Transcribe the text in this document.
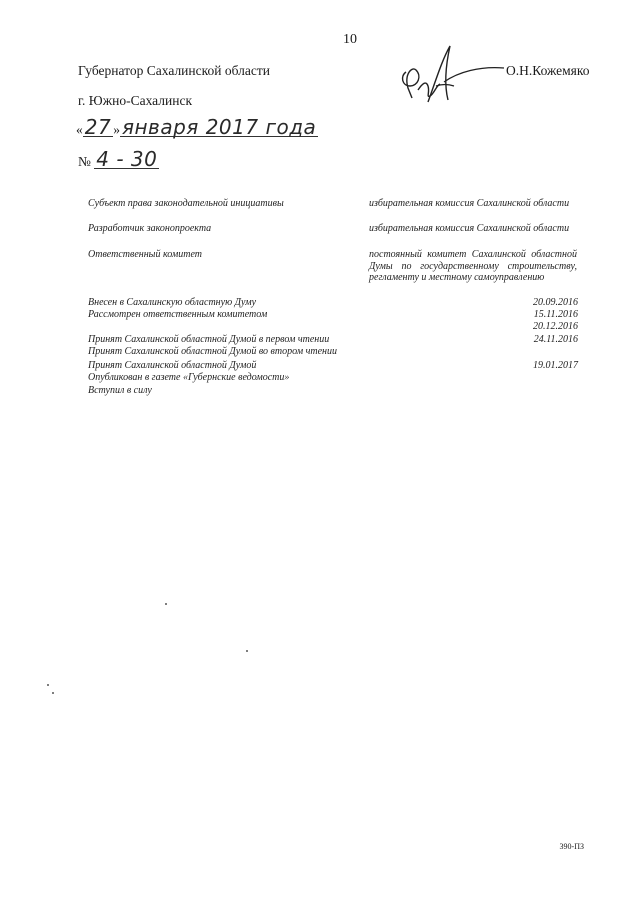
10
Губернатор Сахалинской области	О.Н.Кожемяко
г. Южно-Сахалинск
« 27 » января 2017 года
№ 4 - 30
Субъект права законодательной инициативы	избирательная комиссия Сахалинской области
Разработчик законопроекта	избирательная комиссия Сахалинской области
Ответственный комитет	постоянный комитет Сахалинской областной Думы по государственному строительству, регламенту и местному самоуправлению
Внесен в Сахалинскую областную Думу	20.09.2016
Рассмотрен ответственным комитетом	15.11.2016
20.12.2016
Принят Сахалинской областной Думой в первом чтении	24.11.2016
Принят Сахалинской областной Думой во втором чтении
Принят Сахалинской областной Думой	19.01.2017
Опубликован в газете «Губернские ведомости»
Вступил в силу
390-ПЗ
